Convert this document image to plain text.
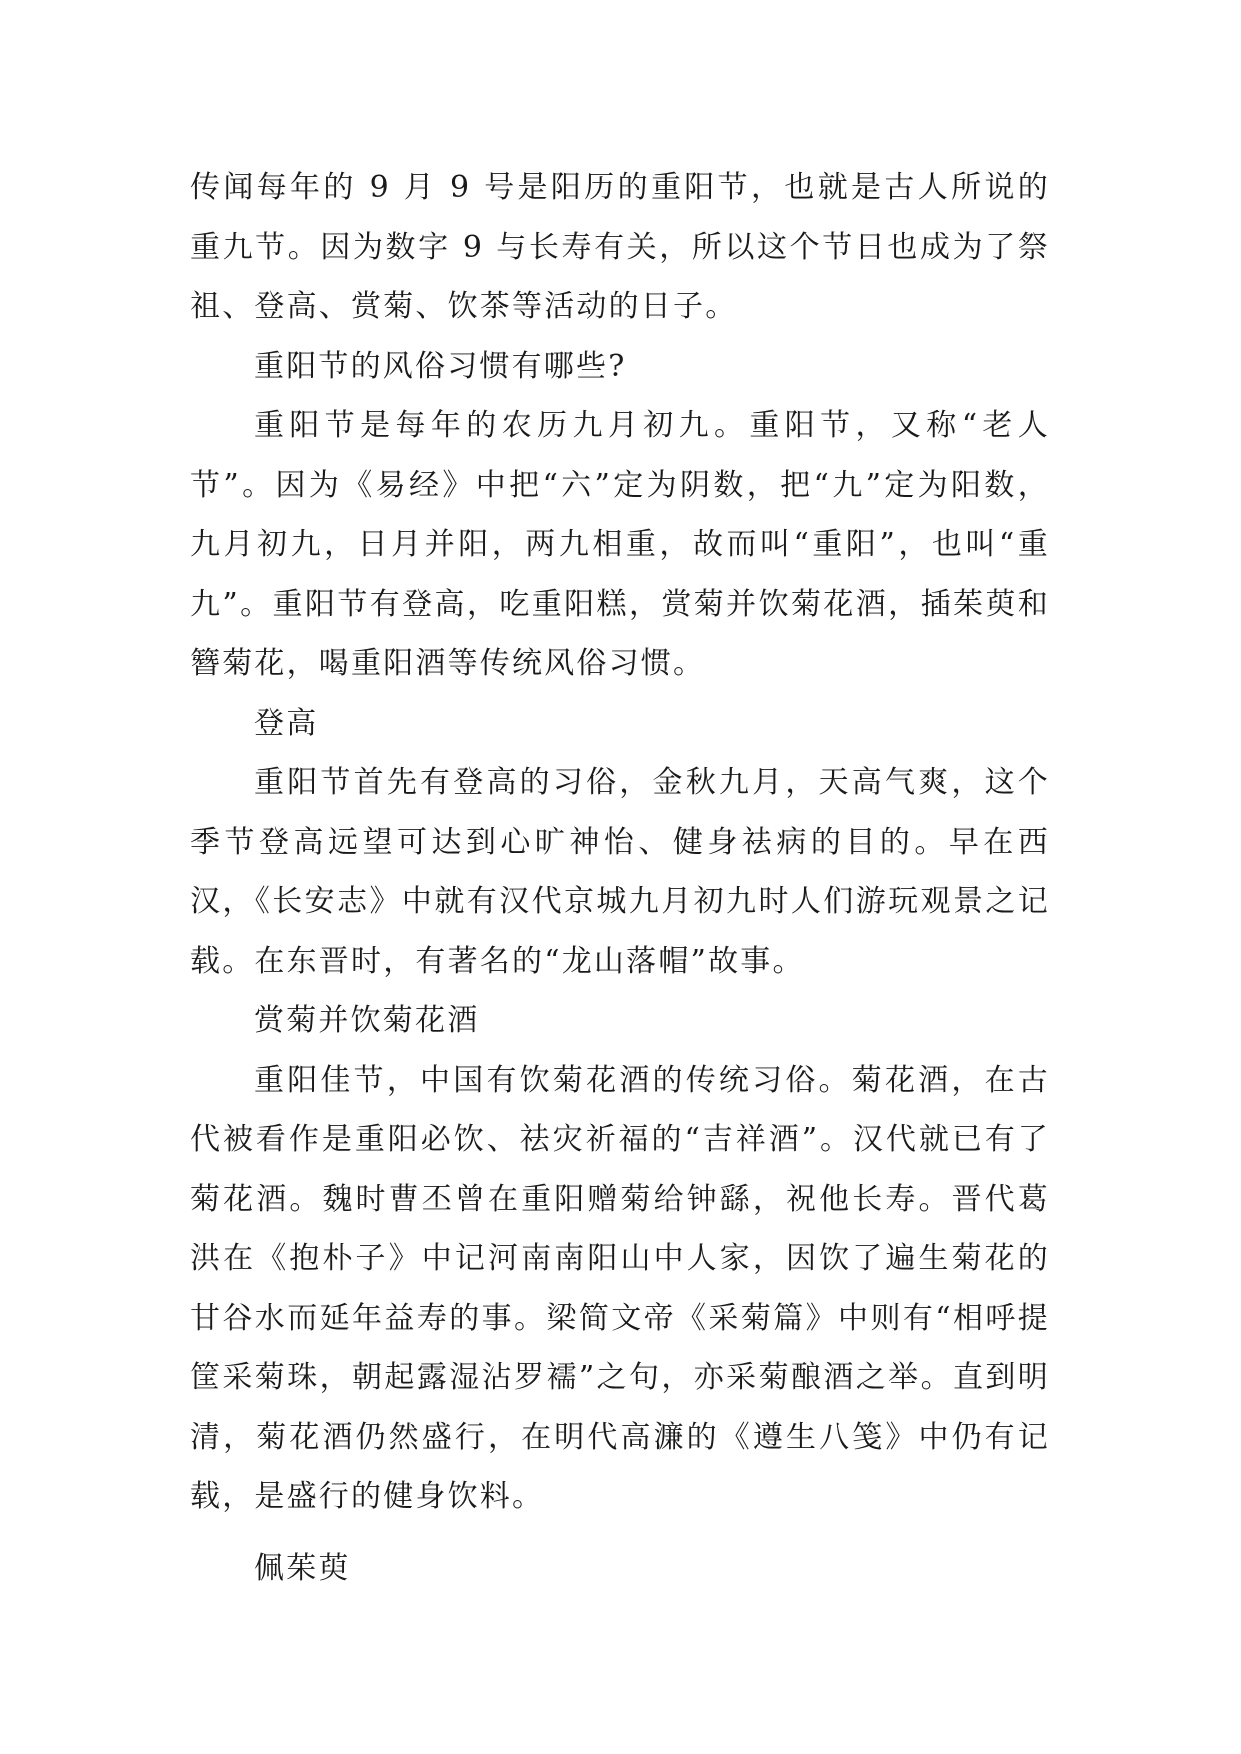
传闻每年的 9 月 9 号是阳历的重阳节，也就是古人所说的重九节。因为数字 9 与长寿有关，所以这个节日也成为了祭祖、登高、赏菊、饮茶等活动的日子。

重阳节的风俗习惯有哪些?

重阳节是每年的农历九月初九。重阳节，又称“老人节”。因为《易经》中把“六”定为阴数，把“九”定为阳数，九月初九，日月并阳，两九相重，故而叫“重阳”，也叫“重九”。重阳节有登高，吃重阳糕，赏菊并饮菊花酒，插茱萸和簪菊花，喝重阳酒等传统风俗习惯。

登高

重阳节首先有登高的习俗，金秋九月，天高气爽，这个季节登高远望可达到心旷神怡、健身祛病的目的。早在西汉，《长安志》中就有汉代京城九月初九时人们游玩观景之记载。在东晋时，有著名的“龙山落帽”故事。

赏菊并饮菊花酒

重阳佳节，中国有饮菊花酒的传统习俗。菊花酒，在古代被看作是重阳必饮、祛灾祈福的“吉祥酒”。汉代就已有了菊花酒。魏时曹丕曾在重阳赠菊给钟繇，祝他长寿。晋代葛洪在《抱朴子》中记河南南阳山中人家，因饮了遍生菊花的甘谷水而延年益寿的事。梁简文帝《采菊篇》中则有“相呼提筐采菊珠，朝起露湿沾罗襦”之句，亦采菊酿酒之举。直到明清，菊花酒仍然盛行，在明代高濂的《遵生八笺》中仍有记载，是盛行的健身饮料。

佩茱萸
